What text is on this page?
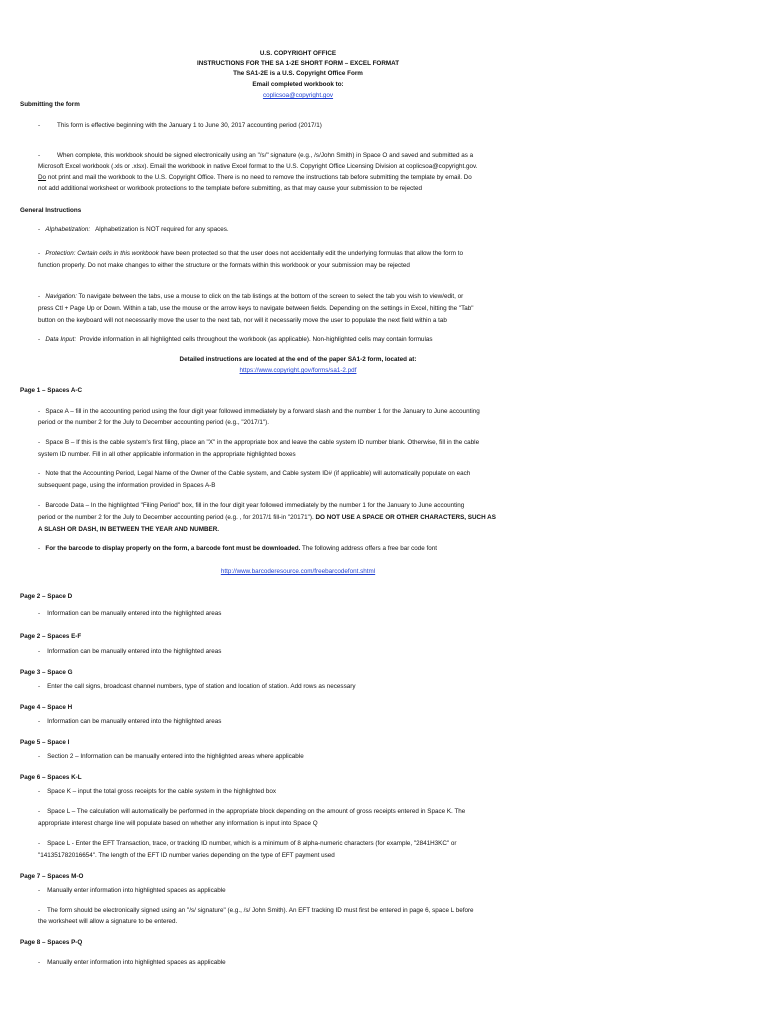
U.S. COPYRIGHT OFFICE
INSTRUCTIONS FOR THE SA 1-2E SHORT FORM – EXCEL FORMAT
The SA1-2E is a U.S. Copyright Office Form
Email completed workbook to:
coplicsoa@copyright.gov
Submitting the form
-	This form is effective beginning with the January 1 to June 30, 2017 accounting period (2017/1)
-	When complete, this workbook should be signed electronically using an "/s/" signature (e.g., /s/John Smith) in Space O and saved and submitted as a
Microsoft Excel workbook (.xls or .xlsx). Email the workbook in native Excel format to the U.S. Copyright Office Licensing Division at coplicsoa@copyright.gov.
Do not print and mail the workbook to the U.S. Copyright Office. There is no need to remove the instructions tab before submitting the template by email. Do
not add additional worksheet or workbook protections to the template before submitting, as that may cause your submission to be rejected
General Instructions
-   Alphabetization: Alphabetization is NOT required for any spaces.
-   Protection: Certain cells in this workbook have been protected so that the user does not accidentally edit the underlying formulas that allow the form to
function properly. Do not make changes to either the structure or the formats within this workbook or your submission may be rejected
-   Navigation: To navigate between the tabs, use a mouse to click on the tab listings at the bottom of the screen to select the tab you wish to view/edit, or
press Ctl + Page Up or Down. Within a tab, use the mouse or the arrow keys to navigate between fields. Depending on the settings in Excel, hitting the "Tab"
button on the keyboard will not necessarily move the user to the next tab, nor will it necessarily move the user to populate the next field within a tab
-   Data Input: Provide information in all highlighted cells throughout the workbook (as applicable). Non-highlighted cells may contain formulas
Detailed instructions are located at the end of the paper SA1-2 form, located at:
https://www.copyright.gov/forms/sa1-2.pdf
Page 1 – Spaces A-C
-   Space A – fill in the accounting period using the four digit year followed immediately by a forward slash and the number 1 for the January to June accounting
period or the number 2 for the July to December accounting period (e.g., "2017/1").
-   Space B – If this is the cable system's first filing, place an "X" in the appropriate box and leave the cable system ID number blank. Otherwise, fill in the cable
system ID number. Fill in all other applicable information in the appropriate highlighted boxes
-   Note that the Accounting Period, Legal Name of the Owner of the Cable system, and Cable system ID# (if applicable) will automatically populate on each
subsequent page, using the information provided in Spaces A-B
-   Barcode Data – In the highlighted "Filing Period" box, fill in the four digit year followed immediately by the number 1 for the January to June accounting
period or the number 2 for the July to December accounting period (e.g. , for 2017/1 fill-in "20171"). DO NOT USE A SPACE OR OTHER CHARACTERS, SUCH AS
A SLASH OR DASH, IN BETWEEN THE YEAR AND NUMBER.
-   For the barcode to display properly on the form, a barcode font must be downloaded. The following address offers a free bar code font
http://www.barcoderesource.com/freebarcodefont.shtml
Page 2 – Space D
-    Information can be manually entered into the highlighted areas
Page 2 – Spaces E-F
-    Information can be manually entered into the highlighted areas
Page 3 – Space G
-    Enter the call signs, broadcast channel numbers, type of station and location of station. Add rows as necessary
Page 4 – Space H
-    Information can be manually entered into the highlighted areas
Page 5 – Space I
-    Section 2 – Information can be manually entered into the highlighted areas where applicable
Page 6 – Spaces K-L
-    Space K – input the total gross receipts for the cable system in the highlighted box
-    Space L – The calculation will automatically be performed in the appropriate block depending on the amount of gross receipts entered in Space K. The
appropriate interest charge line will populate based on whether any information is input into Space Q
-    Space L - Enter the EFT Transaction, trace, or tracking ID number, which is a minimum of 8 alpha-numeric characters (for example, "2841H3KC" or
"141351782016654". The length of the EFT ID number varies depending on the type of EFT payment used
Page 7 – Spaces M-O
-    Manually enter information into highlighted spaces as applicable
-    The form should be electronically signed using an "/s/ signature" (e.g., /s/ John Smith). An EFT tracking ID must first be entered in page 6, space L before
the worksheet will allow a signature to be entered.
Page 8 – Spaces P-Q
-    Manually enter information into highlighted spaces as applicable
